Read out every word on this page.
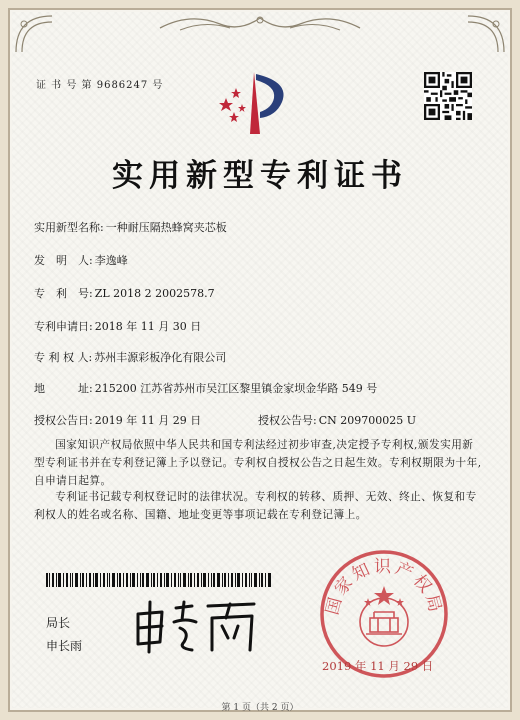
证 书 号 第 9686247 号
实用新型专利证书
实用新型名称: 一种耐压隔热蜂窝夹芯板
发　明　人: 李逸峰
专　利　号: ZL 2018 2 2002578.7
专利申请日: 2018 年 11 月 30 日
专 利 权 人: 苏州丰源彩板净化有限公司
地　　　址: 215200 江苏省苏州市吴江区黎里镇金家坝金华路 549 号
授权公告日: 2019 年 11 月 29 日	授权公告号: CN 209700025 U
国家知识产权局依照中华人民共和国专利法经过初步审查,决定授予专利权,颁发实用新型专利证书并在专利登记簿上予以登记。专利权自授权公告之日起生效。专利权期限为十年,自申请日起算。
专利证书记载专利权登记时的法律状况。专利权的转移、质押、无效、终止、恢复和专利权人的姓名或名称、国籍、地址变更等事项记载在专利登记簿上。
局长
申长雨
国家知识产权局
2019 年 11 月 29 日
第 1 页（共 2 页）
